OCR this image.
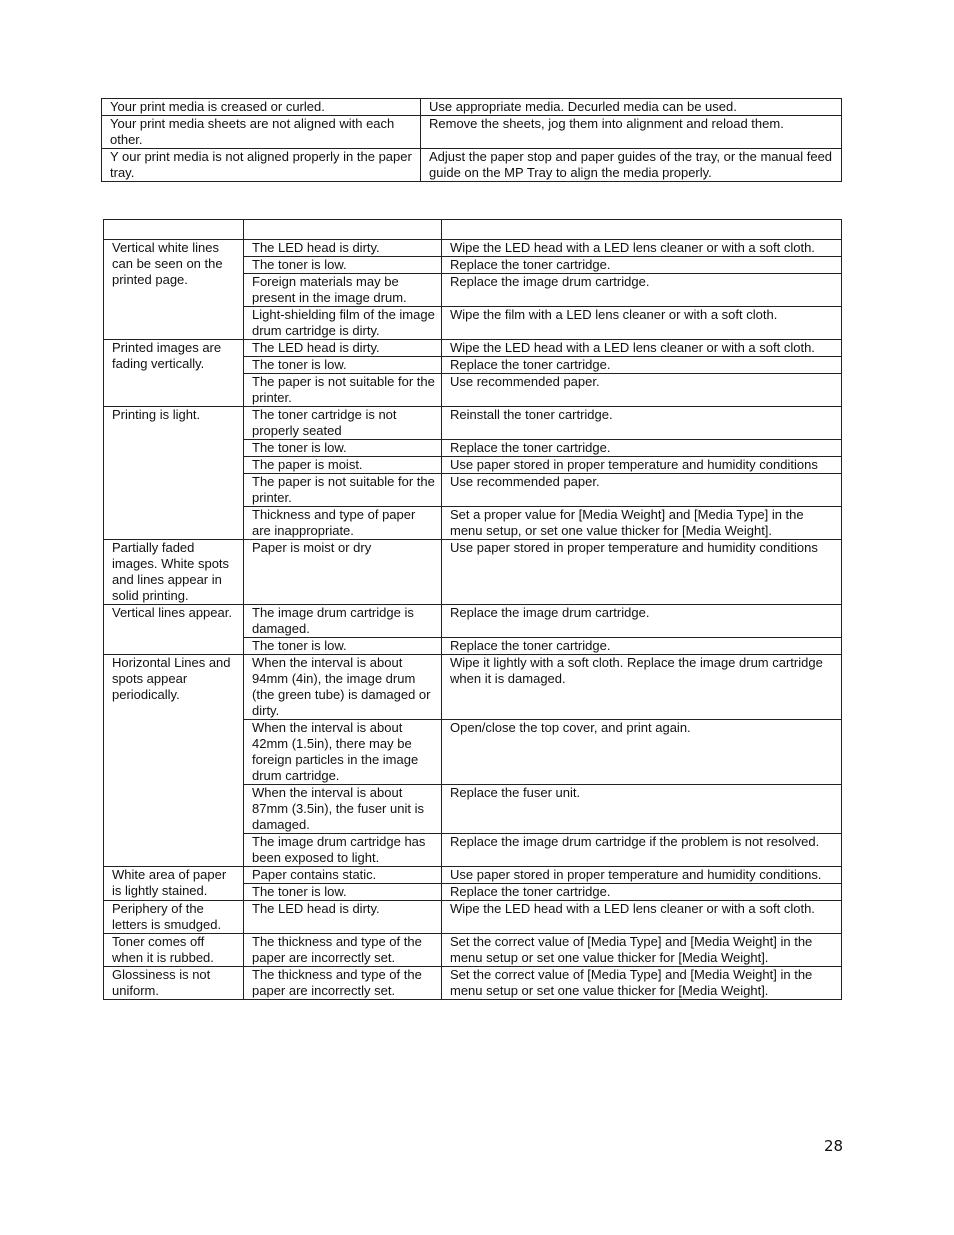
Your print media is creased or curled.	Use appropriate media. Decurled media can be used.
Your print media sheets are not aligned with each other.	Remove the sheets, jog them into alignment and reload them.
Y our print media is not aligned properly in the paper tray.	Adjust the paper stop and paper guides of the tray, or the manual feed guide on the MP Tray to align the media properly.

Vertical white lines can be seen on the printed page.	The LED head is dirty.	Wipe the LED head with a LED lens cleaner or with a soft cloth.
	The toner is low.	Replace the toner cartridge.
	Foreign materials may be present in the image drum.	Replace the image drum cartridge.
	Light-shielding film of the image drum cartridge is dirty.	Wipe the film with a LED lens cleaner or with a soft cloth.
Printed images are fading vertically.	The LED head is dirty.	Wipe the LED head with a LED lens cleaner or with a soft cloth.
	The toner is low.	Replace the toner cartridge.
	The paper is not suitable for the printer.	Use recommended paper.
Printing is light.	The toner cartridge is not properly seated	Reinstall the toner cartridge.
	The toner is low.	Replace the toner cartridge.
	The paper is moist.	Use paper stored in proper temperature and humidity conditions
	The paper is not suitable for the printer.	Use recommended paper.
	Thickness and type of paper are inappropriate.	Set a proper value for [Media Weight] and [Media Type] in the menu setup, or set one value thicker for [Media Weight].
Partially faded images. White spots and lines appear in solid printing.	Paper is moist or dry	Use paper stored in proper temperature and humidity conditions
Vertical lines appear.	The image drum cartridge is damaged.	Replace the image drum cartridge.
	The toner is low.	Replace the toner cartridge.
Horizontal Lines and spots appear periodically.	When the interval is about 94mm (4in), the image drum (the green tube) is damaged or dirty.	Wipe it lightly with a soft cloth. Replace the image drum cartridge when it is damaged.
	When the interval is about 42mm (1.5in), there may be foreign particles in the image drum cartridge.	Open/close the top cover, and print again.
	When the interval is about 87mm (3.5in), the fuser unit is damaged.	Replace the fuser unit.
	The image drum cartridge has been exposed to light.	Replace the image drum cartridge if the problem is not resolved.
White area of paper is lightly stained.	Paper contains static.	Use paper stored in proper temperature and humidity conditions.
	The toner is low.	Replace the toner cartridge.
Periphery of the letters is smudged.	The LED head is dirty.	Wipe the LED head with a LED lens cleaner or with a soft cloth.
Toner comes off when it is rubbed.	The thickness and type of the paper are incorrectly set.	Set the correct value of [Media Type] and [Media Weight] in the menu setup or set one value thicker for [Media Weight].
Glossiness is not uniform.	The thickness and type of the paper are incorrectly set.	Set the correct value of [Media Type] and [Media Weight] in the menu setup or set one value thicker for [Media Weight].
28
